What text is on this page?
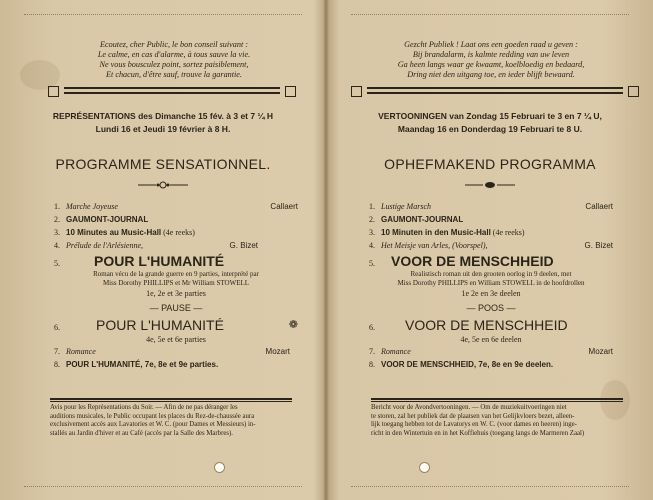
Ecoutez, cher Public, le bon conseil suivant :
Le calme, en cas d'alarme, à tous sauve la vie.
Ne vous bousculez point, sortez paisiblement,
Et chacun, d'être sauf, trouve la garantie.
REPRÉSENTATIONS des Dimanche 15 fév. à 3 et 7 ¼ H
Lundi 16 et Jeudi 19 février à 8 H.
PROGRAMME SENSATIONNEL.
1. Marche Joyeuse	Callaert
2. GAUMONT-JOURNAL
3. 10 Minutes au Music-Hall (4e reeks)
4. Prélude de l'Arlésienne,	G. Bizet
5. POUR L'HUMANITÉ
Roman vécu de la grande guerre en 9 parties, interprété par
Miss Dorothy PHILLIPS et Mr William STOWELL
1e, 2e et 3e parties
— PAUSE —
6.	POUR L'HUMANITÉ	❁
4e, 5e et 6e parties
7. Romance	Mozart
8. POUR L'HUMANITÉ, 7e, 8e et 9e parties.
Avis pour les Représentations du Soir. — Afin de ne pas déranger les
auditions musicales, le Public occupant les places du Rez-de-chaussée aura
exclusivement accès aux Lavatories et W. C. (pour Dames et Messieurs) in-
stallés au Jardin d'hiver et au Café (accès par la Salle des Marbres).
Gezcht Publiek ! Laat ons een goeden raad u geven :
Bij brandalarm, is kalmte redding van uw leven
Ga heen langs waar ge kwaamt, koelbloedig en bedaard,
Dring niet den uitgang toe, en ieder blijft bewaard.
VERTOONINGEN van Zondag 15 Februari te 3 en 7 ¼ U,
Maandag 16 en Donderdag 19 Februari te 8 U.
OPHEFMAKEND PROGRAMMA
1. Lustige Marsch	Callaert
2. GAUMONT-JOURNAL
3. 10 Minuten in den Music-Hall (4e reeks)
4. Het Meisje van Arles, (Voorspel),	G. Bizet
5. VOOR DE MENSCHHEID
Realistisch roman uit den grooten oorlog in 9 deelen, met
Miss Dorothy PHILLIPS en William STOWELL in de hoofdrollen
1e 2e en 3e deelen
— POOS —
6. VOOR DE MENSCHHEID
4e, 5e en 6e deelen
7. Romance	Mozart
8. VOOR DE MENSCHHEID, 7e, 8e en 9e deelen.
Bericht voor de Avondvertooningen. — Om de muziekuitvoeringen niet
te storen, zal het publiek dat de plaatsen van het Gelijkvloers bezet, alleen-
lijk toegang hebben tot de Lavatorys en W. C. (voor dames en heeren) inge-
richt in den Wintertuin en in het Koffiehuis (toegang langs de Marmeren Zaal)
